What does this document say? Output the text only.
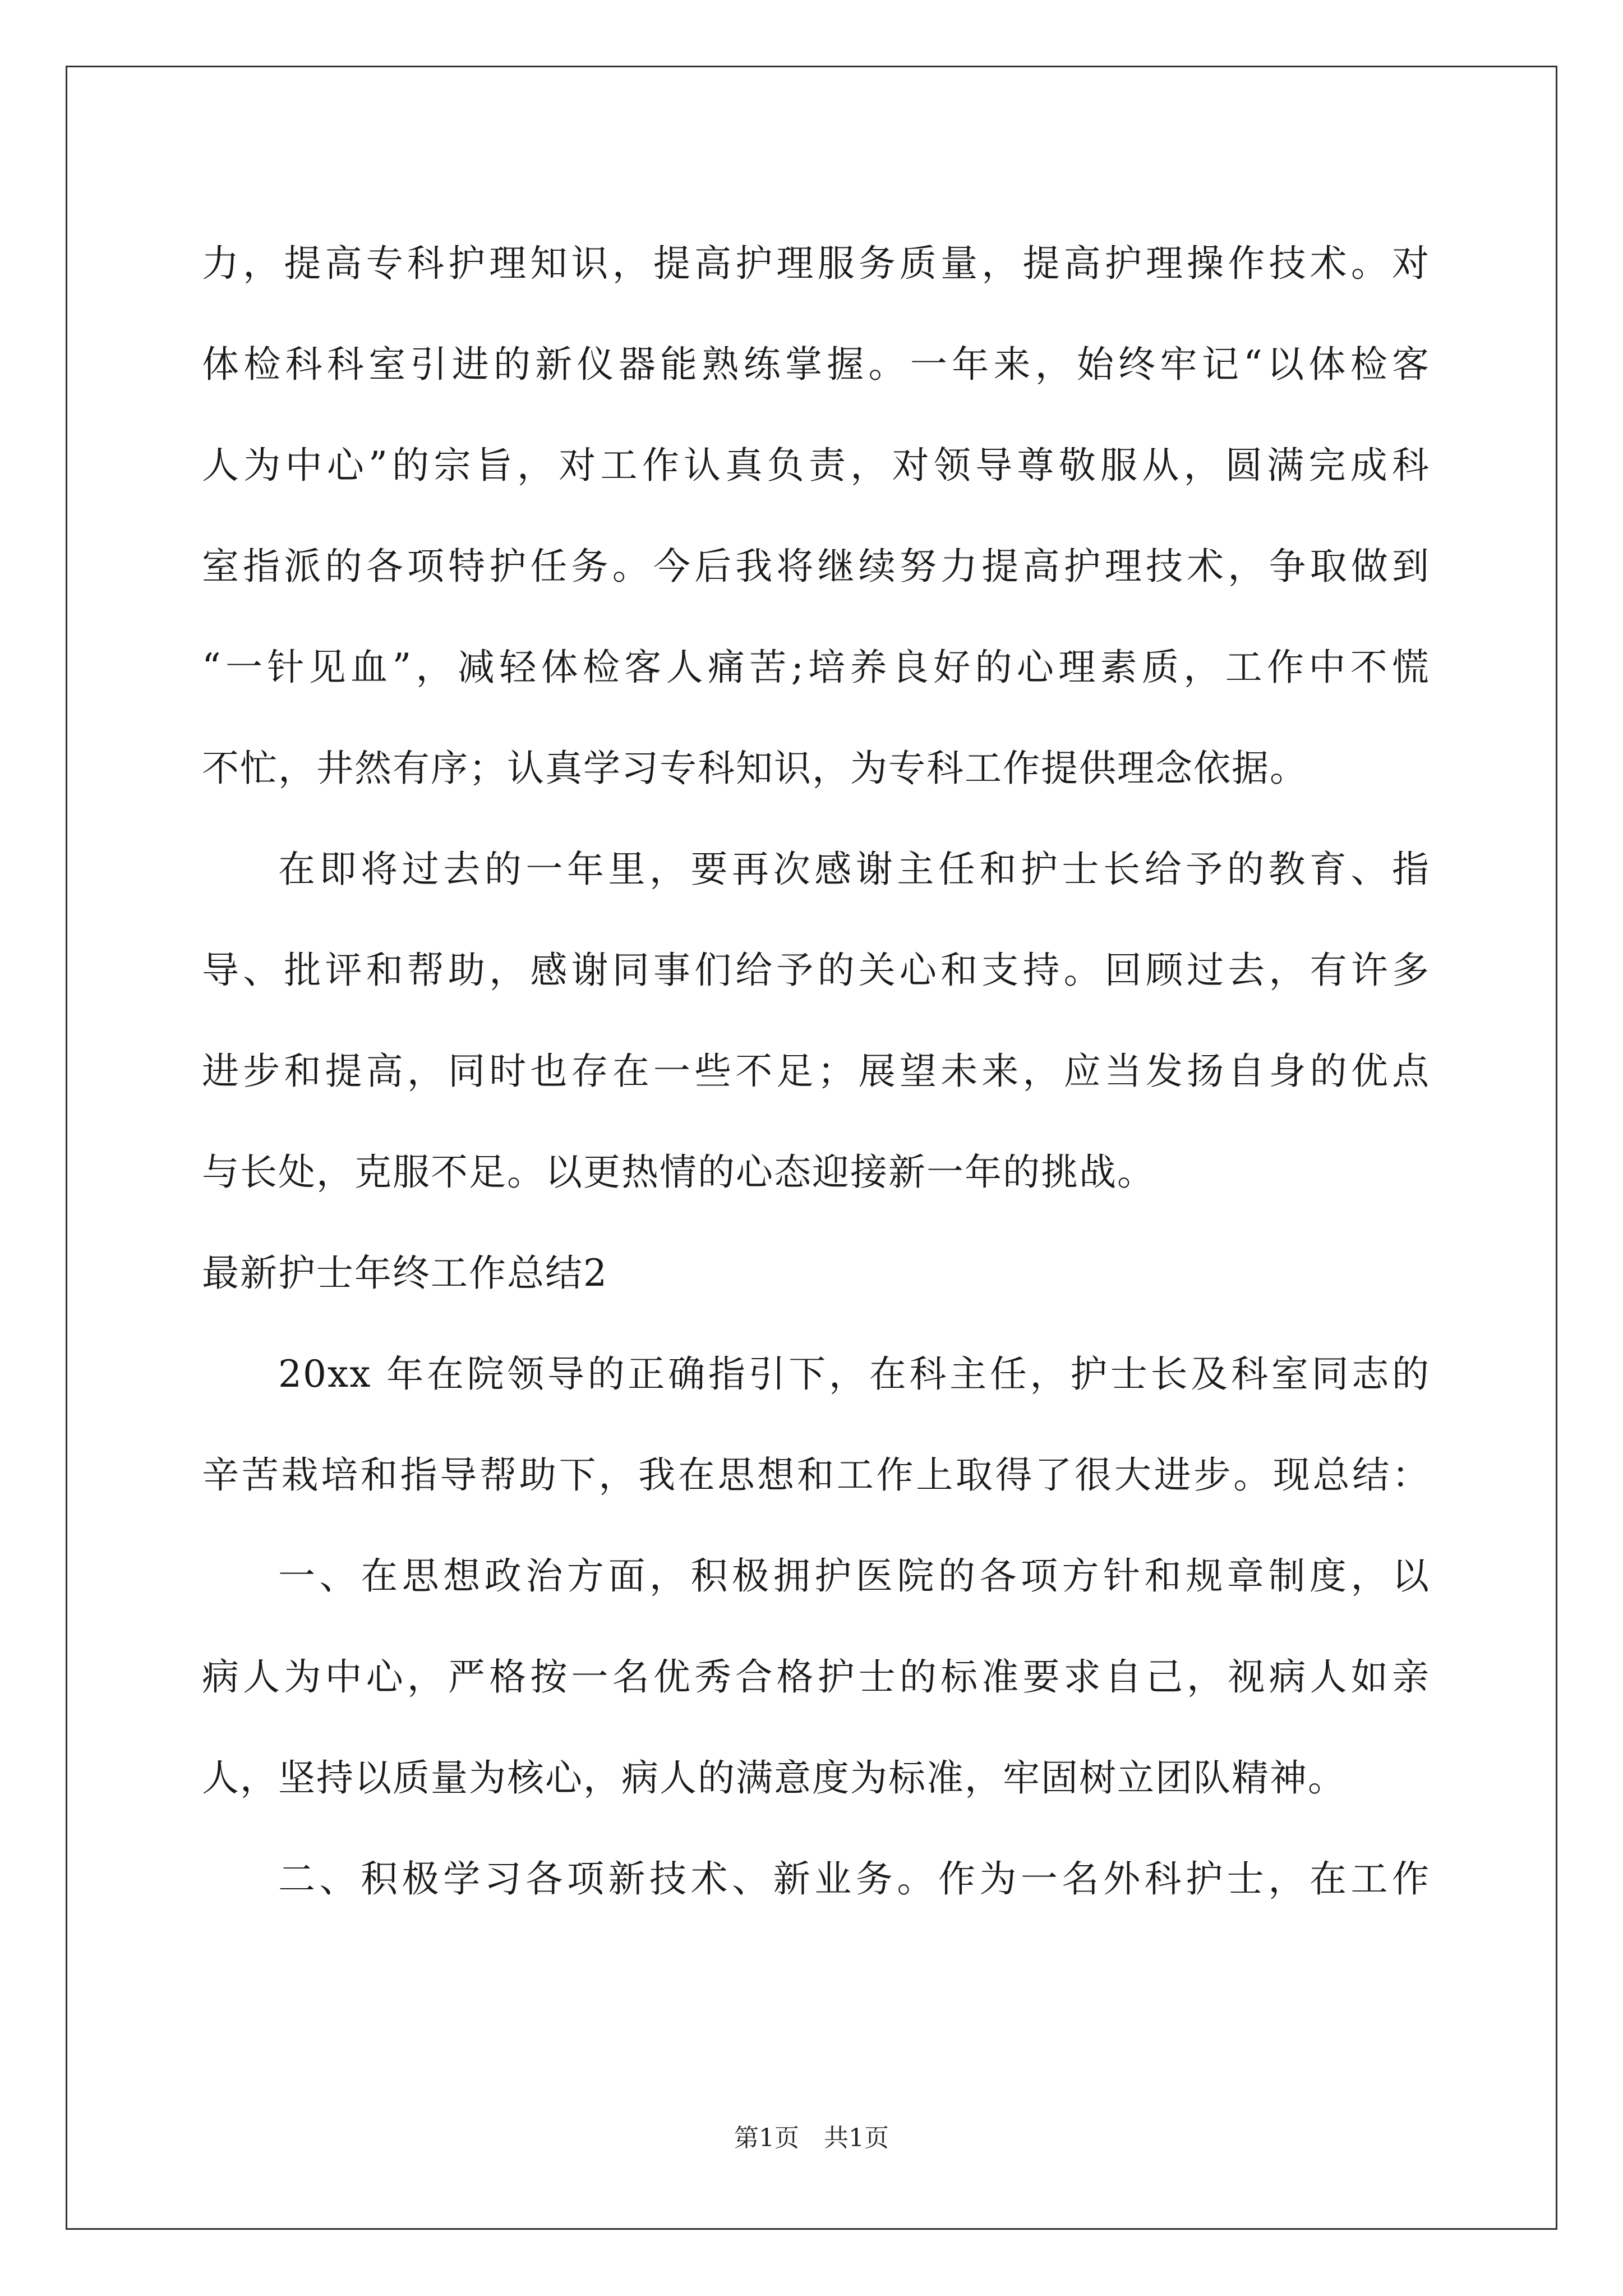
力，提高专科护理知识，提高护理服务质量，提高护理操作技术。对
体检科科室引进的新仪器能熟练掌握。一年来，始终牢记“以体检客
人为中心”的宗旨，对工作认真负责，对领导尊敬服从，圆满完成科
室指派的各项特护任务。今后我将继续努力提高护理技术，争取做到
“一针见血”，减轻体检客人痛苦;培养良好的心理素质，工作中不慌
不忙，井然有序；认真学习专科知识，为专科工作提供理念依据。
在即将过去的一年里，要再次感谢主任和护士长给予的教育、指
导、批评和帮助，感谢同事们给予的关心和支持。回顾过去，有许多
进步和提高，同时也存在一些不足；展望未来，应当发扬自身的优点
与长处，克服不足。以更热情的心态迎接新一年的挑战。
最新护士年终工作总结2
20xx 年在院领导的正确指引下，在科主任，护士长及科室同志的
辛苦栽培和指导帮助下，我在思想和工作上取得了很大进步。现总结：
一、在思想政治方面，积极拥护医院的各项方针和规章制度，以
病人为中心，严格按一名优秀合格护士的标准要求自己，视病人如亲
人，坚持以质量为核心，病人的满意度为标准，牢固树立团队精神。
二、积极学习各项新技术、新业务。作为一名外科护士，在工作
第1页　共1页
